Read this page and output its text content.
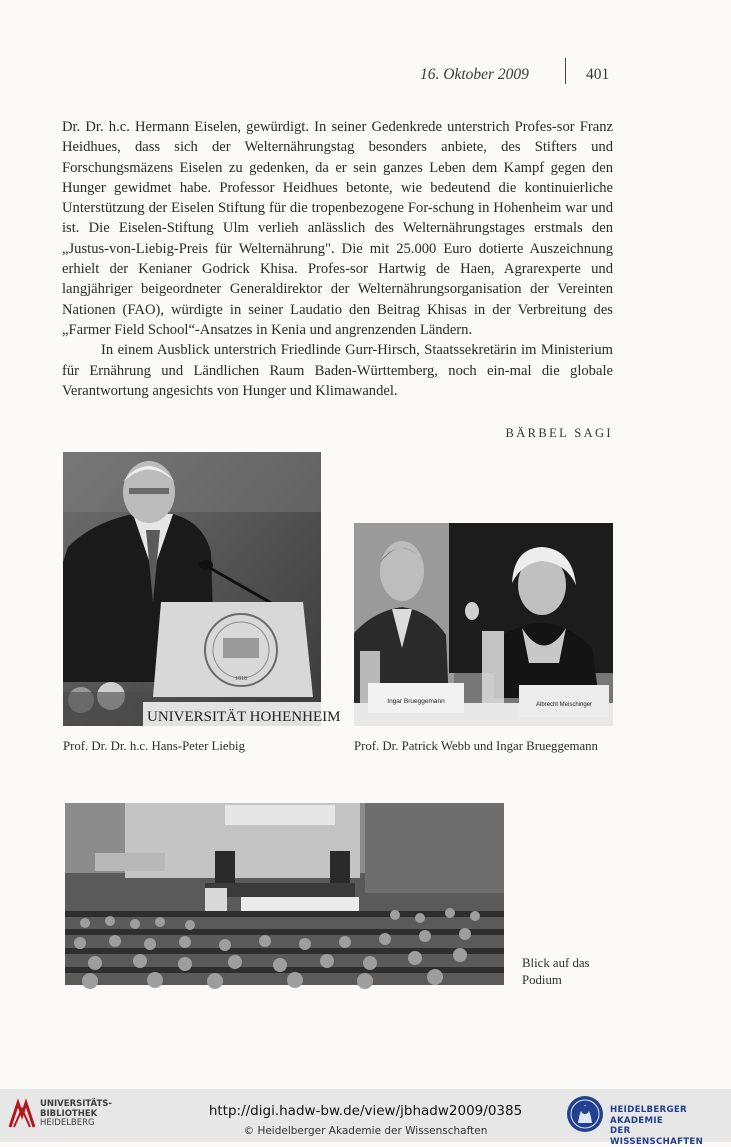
16. Oktober 2009	401

Dr. Dr. h.c. Hermann Eiselen, gewürdigt. In seiner Gedenkrede unterstrich Profes-sor Franz Heidhues, dass sich der Welternährungstag besonders anbiete, des Stifters und Forschungsmäzens Eiselen zu gedenken, da er sein ganzes Leben dem Kampf gegen den Hunger gewidmet habe. Professor Heidhues betonte, wie bedeutend die kontinuierliche Unterstützung der Eiselen Stiftung für die tropenbezogene For-schung in Hohenheim war und ist. Die Eiselen-Stiftung Ulm verlieh anlässlich des Welternährungstages erstmals den „Justus-von-Liebig-Preis für Welternährung". Die mit 25.000 Euro dotierte Auszeichnung erhielt der Kenianer Godrick Khisa. Profes-sor Hartwig de Haen, Agrarexperte und langjähriger beigeordneter Generaldirektor der Welternährungsorganisation der Vereinten Nationen (FAO), würdigte in seiner Laudatio den Beitrag Khisas in der Verbreitung des „Farmer Field School“-Ansatzes in Kenia und angrenzenden Ländern.

In einem Ausblick unterstrich Friedlinde Gurr-Hirsch, Staatssekretärin im Ministerium für Ernährung und Ländlichen Raum Baden-Württemberg, noch ein-mal die globale Verantwortung angesichts von Hunger und Klimawandel.

BÄRBEL SAGI
1818
UNIVERSITÄT HOHENHEIM
Ingar Brueggemann	Albrecht Meischinger
Prof. Dr. Dr. h.c. Hans-Peter Liebig	Prof. Dr. Patrick Webb und Ingar Brueggemann
Blick auf das
Podium
UNIVERSITÄTS-
BIBLIOTHEK
HEIDELBERG
http://digi.hadw-bw.de/view/jbhadw2009/0385
© Heidelberger Akademie der Wissenschaften
HEIDELBERGER AKADEMIE
DER WISSENSCHAFTEN
